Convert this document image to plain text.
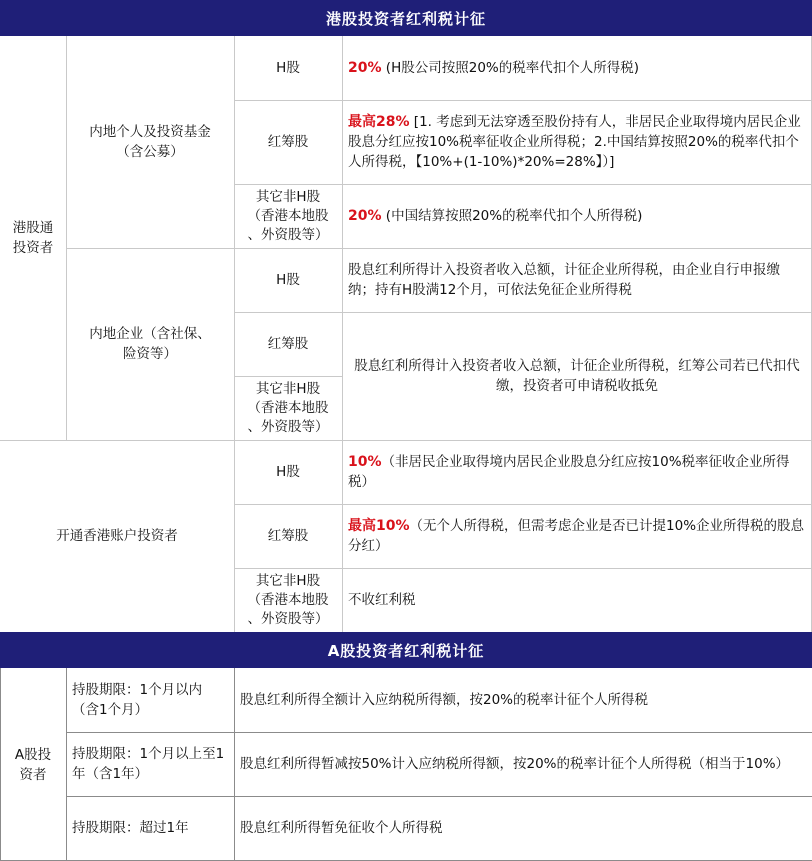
港股投资者红利税计征
港股通
投资者
内地个人及投资基金
（含公募）
内地企业（含社保、
险资等）
开通香港账户投资者
H股
红筹股
其它非H股
（香港本地股
、外资股等）
H股
红筹股
其它非H股
（香港本地股
、外资股等）
H股
红筹股
其它非H股
（香港本地股
、外资股等）
20% (H股公司按照20%的税率代扣个人所得税)
最高28% [1. 考虑到无法穿透至股份持有人，非居民企业取得境内居民企业股息分红应按10%税率征收企业所得税；2.中国结算按照20%的税率代扣个人所得税，【10%+(1-10%)*20%=28%】）]
20% (中国结算按照20%的税率代扣个人所得税)
股息红利所得计入投资者收入总额，计征企业所得税，由企业自行申报缴纳；持有H股满12个月，可依法免征企业所得税
股息红利所得计入投资者收入总额，计征企业所得税，红筹公司若已代扣代缴，投资者可申请税收抵免
10%（非居民企业取得境内居民企业股息分红应按10%税率征收企业所得税）
最高10%（无个人所得税，但需考虑企业是否已计提10%企业所得税的股息分红）
不收红利税
A股投资者红利税计征
A股投
资者
持股期限：1个月以内
（含1个月）
持股期限：1个月以上至1年（含1年）
持股期限：超过1年
股息红利所得全额计入应纳税所得额，按20%的税率计征个人所得税
股息红利所得暂减按50%计入应纳税所得额，按20%的税率计征个人所得税（相当于10%）
股息红利所得暂免征收个人所得税
